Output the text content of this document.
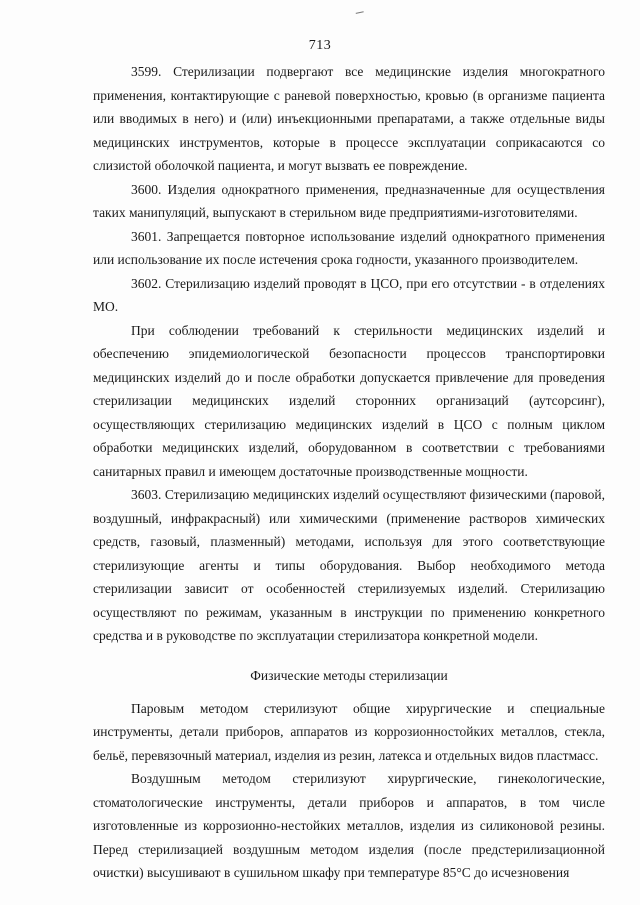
713

3599. Стерилизации подвергают все медицинские изделия многократного применения, контактирующие с раневой поверхностью, кровью (в организме пациента или вводимых в него) и (или) инъекционными препаратами, а также отдельные виды медицинских инструментов, которые в процессе эксплуатации соприкасаются со слизистой оболочкой пациента, и могут вызвать ее повреждение.

3600. Изделия однократного применения, предназначенные для осуществления таких манипуляций, выпускают в стерильном виде предприятиями-изготовителями.

3601. Запрещается повторное использование изделий однократного применения или использование их после истечения срока годности, указанного производителем.

3602. Стерилизацию изделий проводят в ЦСО, при его отсутствии - в отделениях МО.

При соблюдении требований к стерильности медицинских изделий и обеспечению эпидемиологической безопасности процессов транспортировки медицинских изделий до и после обработки допускается привлечение для проведения стерилизации медицинских изделий сторонних организаций (аутсорсинг), осуществляющих стерилизацию медицинских изделий в ЦСО с полным циклом обработки медицинских изделий, оборудованном в соответствии с требованиями санитарных правил и имеющем достаточные производственные мощности.

3603. Стерилизацию медицинских изделий осуществляют физическими (паровой, воздушный, инфракрасный) или химическими (применение растворов химических средств, газовый, плазменный) методами, используя для этого соответствующие стерилизующие агенты и типы оборудования. Выбор необходимого метода стерилизации зависит от особенностей стерилизуемых изделий. Стерилизацию осуществляют по режимам, указанным в инструкции по применению конкретного средства и в руководстве по эксплуатации стерилизатора конкретной модели.

Физические методы стерилизации

Паровым методом стерилизуют общие хирургические и специальные инструменты, детали приборов, аппаратов из коррозионностойких металлов, стекла, бельё, перевязочный материал, изделия из резин, латекса и отдельных видов пластмасс.

Воздушным методом стерилизуют хирургические, гинекологические, стоматологические инструменты, детали приборов и аппаратов, в том числе изготовленные из коррозионно-нестойких металлов, изделия из силиконовой резины. Перед стерилизацией воздушным методом изделия (после предстерилизационной очистки) высушивают в сушильном шкафу при температуре 85°С до исчезновения
